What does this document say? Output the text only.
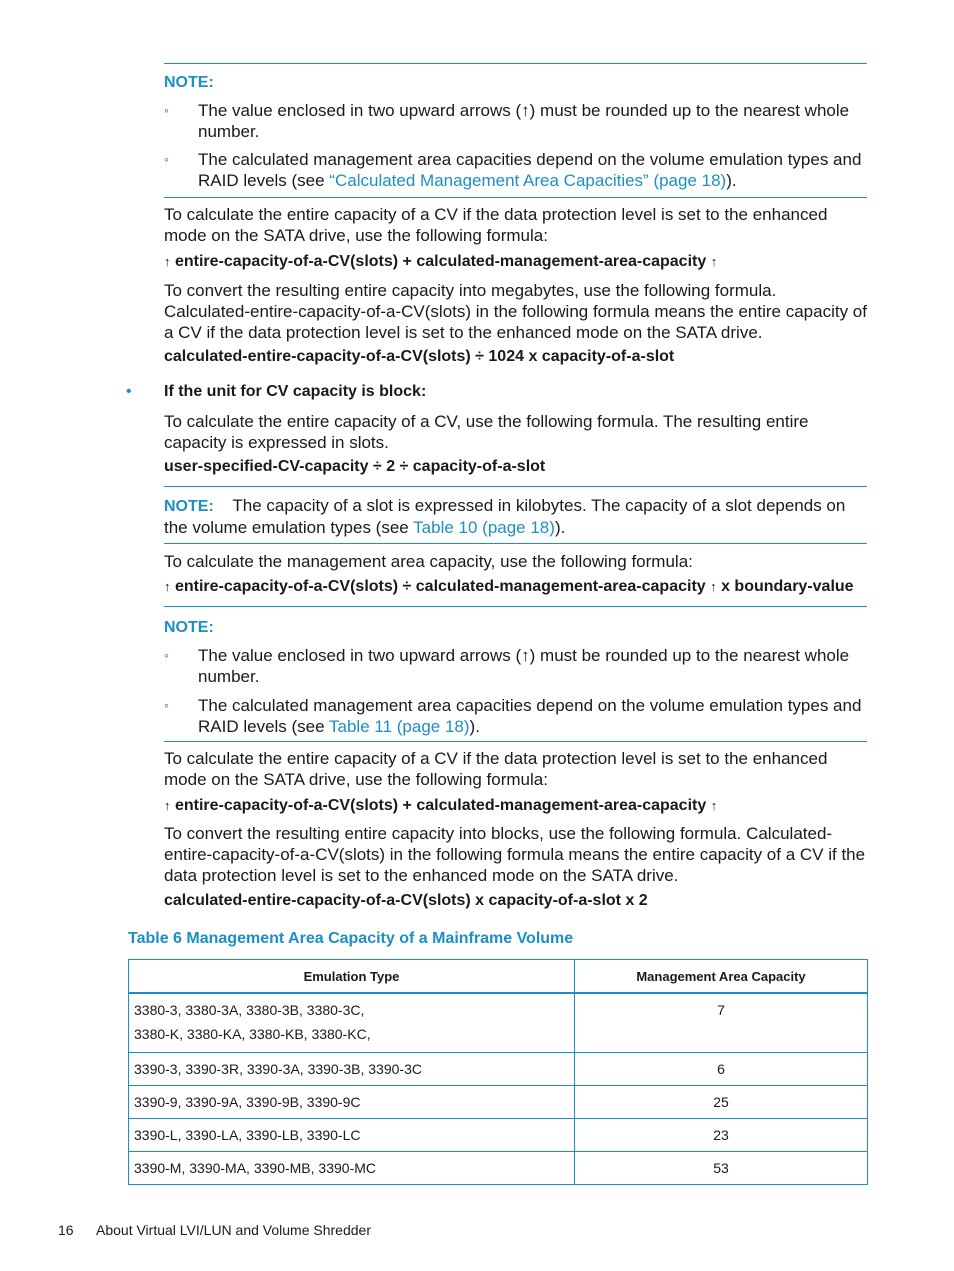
NOTE:
◦ The value enclosed in two upward arrows (↑) must be rounded up to the nearest whole number.
◦ The calculated management area capacities depend on the volume emulation types and RAID levels (see “Calculated Management Area Capacities” (page 18)).
To calculate the entire capacity of a CV if the data protection level is set to the enhanced mode on the SATA drive, use the following formula:
↑ entire-capacity-of-a-CV(slots) + calculated-management-area-capacity ↑
To convert the resulting entire capacity into megabytes, use the following formula. Calculated-entire-capacity-of-a-CV(slots) in the following formula means the entire capacity of a CV if the data protection level is set to the enhanced mode on the SATA drive.
calculated-entire-capacity-of-a-CV(slots) ÷ 1024 x capacity-of-a-slot
• If the unit for CV capacity is block:
To calculate the entire capacity of a CV, use the following formula. The resulting entire capacity is expressed in slots.
user-specified-CV-capacity ÷ 2 ÷ capacity-of-a-slot
NOTE: The capacity of a slot is expressed in kilobytes. The capacity of a slot depends on the volume emulation types (see Table 10 (page 18)).
To calculate the management area capacity, use the following formula:
↑ entire-capacity-of-a-CV(slots) ÷ calculated-management-area-capacity ↑ x boundary-value
NOTE:
◦ The value enclosed in two upward arrows (↑) must be rounded up to the nearest whole number.
◦ The calculated management area capacities depend on the volume emulation types and RAID levels (see Table 11 (page 18)).
To calculate the entire capacity of a CV if the data protection level is set to the enhanced mode on the SATA drive, use the following formula:
↑ entire-capacity-of-a-CV(slots) + calculated-management-area-capacity ↑
To convert the resulting entire capacity into blocks, use the following formula. Calculated-entire-capacity-of-a-CV(slots) in the following formula means the entire capacity of a CV if the data protection level is set to the enhanced mode on the SATA drive.
calculated-entire-capacity-of-a-CV(slots) x capacity-of-a-slot x 2
Table 6 Management Area Capacity of a Mainframe Volume
Emulation Type	Management Area Capacity

3380-3, 3380-3A, 3380-3B, 3380-3C,
3380-K, 3380-KA, 3380-KB, 3380-KC,	7
3390-3, 3390-3R, 3390-3A, 3390-3B, 3390-3C	6
3390-9, 3390-9A, 3390-9B, 3390-9C	25
3390-L, 3390-LA, 3390-LB, 3390-LC	23
3390-M, 3390-MA, 3390-MB, 3390-MC	53
16 About Virtual LVI/LUN and Volume Shredder
